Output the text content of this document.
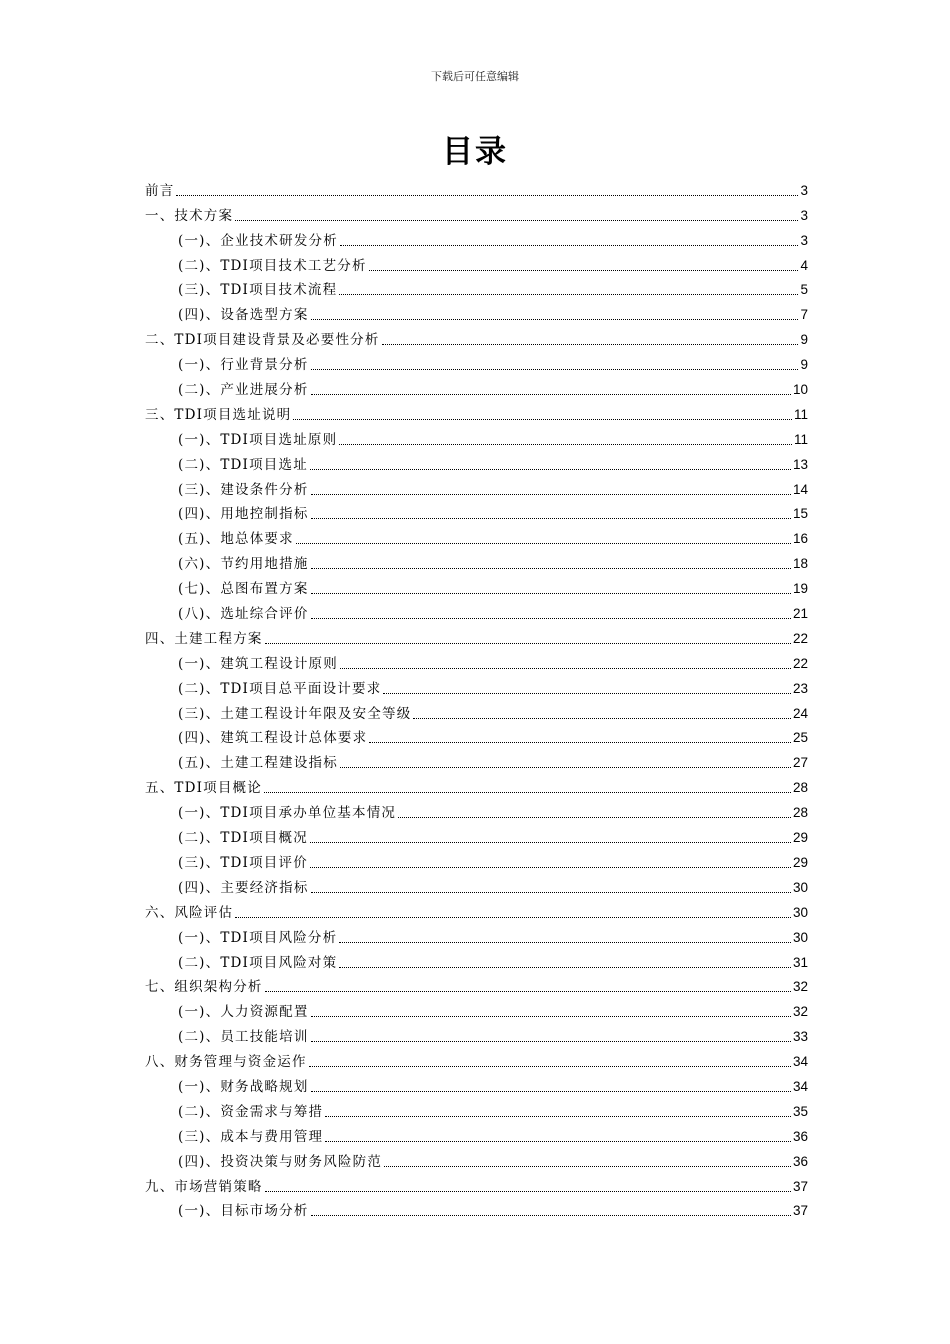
下载后可任意编辑
目录
前言	3
一、技术方案	3
(一)、企业技术研发分析	3
(二)、TDI项目技术工艺分析	4
(三)、TDI项目技术流程	5
(四)、设备选型方案	7
二、TDI项目建设背景及必要性分析	9
(一)、行业背景分析	9
(二)、产业进展分析	10
三、TDI项目选址说明	11
(一)、TDI项目选址原则	11
(二)、TDI项目选址	13
(三)、建设条件分析	14
(四)、用地控制指标	15
(五)、地总体要求	16
(六)、节约用地措施	18
(七)、总图布置方案	19
(八)、选址综合评价	21
四、土建工程方案	22
(一)、建筑工程设计原则	22
(二)、TDI项目总平面设计要求	23
(三)、土建工程设计年限及安全等级	24
(四)、建筑工程设计总体要求	25
(五)、土建工程建设指标	27
五、TDI项目概论	28
(一)、TDI项目承办单位基本情况	28
(二)、TDI项目概况	29
(三)、TDI项目评价	29
(四)、主要经济指标	30
六、风险评估	30
(一)、TDI项目风险分析	30
(二)、TDI项目风险对策	31
七、组织架构分析	32
(一)、人力资源配置	32
(二)、员工技能培训	33
八、财务管理与资金运作	34
(一)、财务战略规划	34
(二)、资金需求与筹措	35
(三)、成本与费用管理	36
(四)、投资决策与财务风险防范	36
九、市场营销策略	37
(一)、目标市场分析	37
